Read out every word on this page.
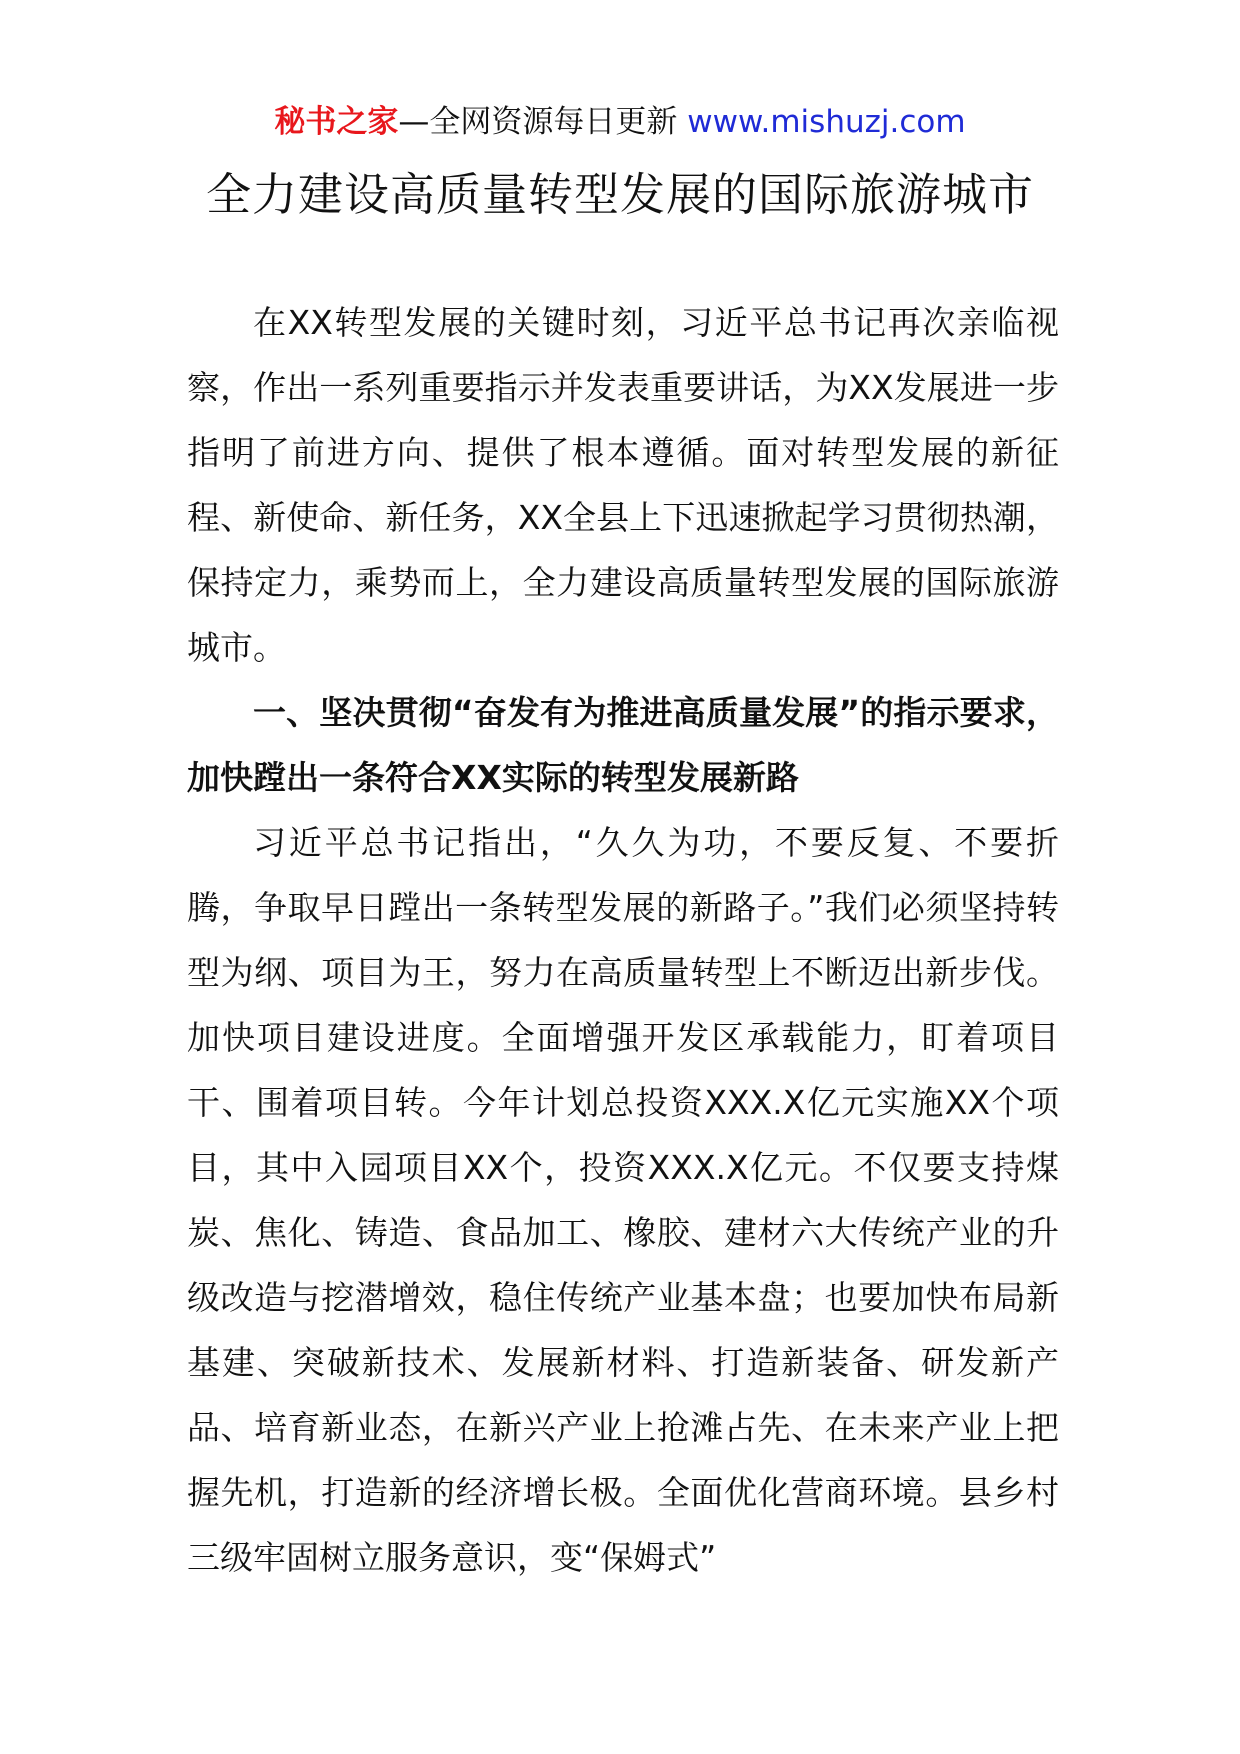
秘书之家—全网资源每日更新 www.mishuzj.com
全力建设高质量转型发展的国际旅游城市

在XX转型发展的关键时刻，习近平总书记再次亲临视察，作出一系列重要指示并发表重要讲话，为XX发展进一步指明了前进方向、提供了根本遵循。面对转型发展的新征程、新使命、新任务，XX全县上下迅速掀起学习贯彻热潮，保持定力，乘势而上，全力建设高质量转型发展的国际旅游城市。

一、坚决贯彻“奋发有为推进高质量发展”的指示要求，加快蹚出一条符合XX实际的转型发展新路

习近平总书记指出，“久久为功，不要反复、不要折腾，争取早日蹚出一条转型发展的新路子。”我们必须坚持转型为纲、项目为王，努力在高质量转型上不断迈出新步伐。加快项目建设进度。全面增强开发区承载能力，盯着项目干、围着项目转。今年计划总投资XXX.X亿元实施XX个项目，其中入园项目XX个，投资XXX.X亿元。不仅要支持煤炭、焦化、铸造、食品加工、橡胶、建材六大传统产业的升级改造与挖潜增效，稳住传统产业基本盘；也要加快布局新基建、突破新技术、发展新材料、打造新装备、研发新产品、培育新业态，在新兴产业上抢滩占先、在未来产业上把握先机，打造新的经济增长极。全面优化营商环境。县乡村三级牢固树立服务意识，变“保姆式”
